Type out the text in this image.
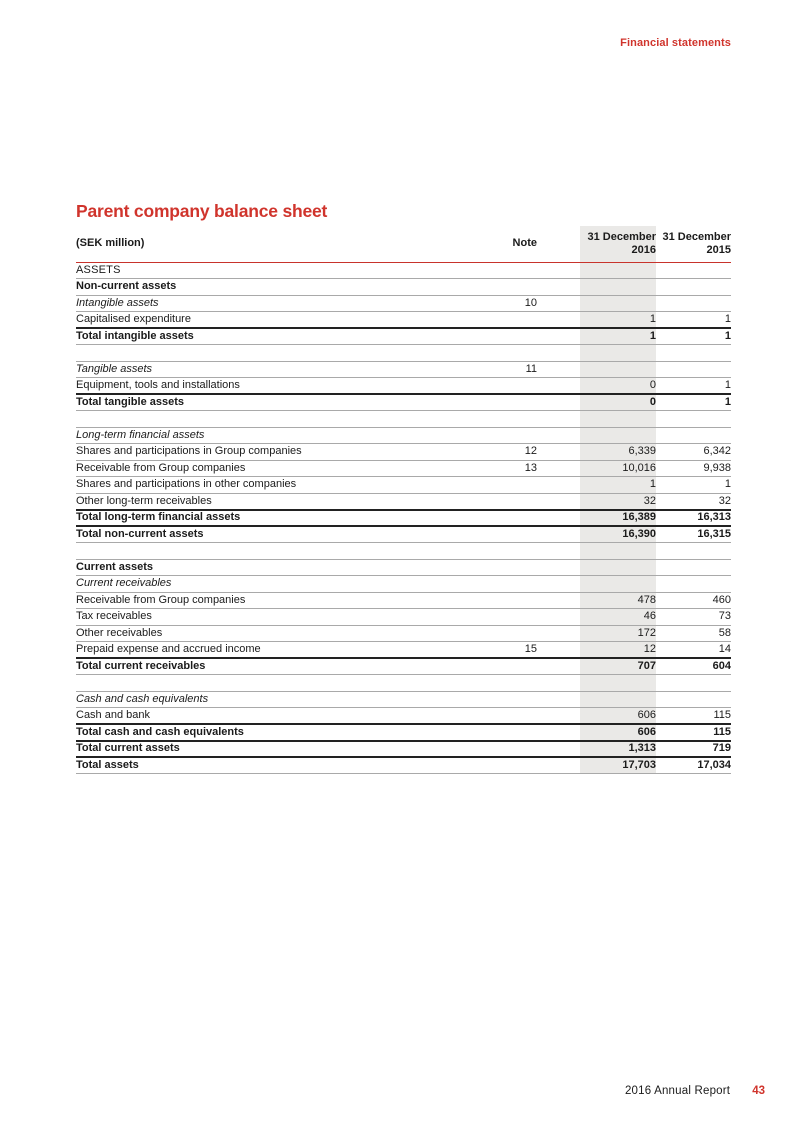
Financial statements
Parent company balance sheet
(SEK million)	Note		
31 December
2016

31 December
2015

ASSETS				
Non-current assets				
Intangible assets	10			
Capitalised expenditure			1	1
Total intangible assets			1	1

Tangible assets	11			
Equipment, tools and installations			0	1
Total tangible assets			0	1

Long-term financial assets				
Shares and participations in Group companies	12		6,339	6,342
Receivable from Group companies	13		10,016	9,938
Shares and participations in other companies			1	1
Other long-term receivables			32	32
Total long-term financial assets			16,389	16,313
Total non-current assets			16,390	16,315

Current assets				
Current receivables				
Receivable from Group companies			478	460
Tax receivables			46	73
Other receivables			172	58
Prepaid expense and accrued income	15		12	14
Total current receivables			707	604

Cash and cash equivalents				
Cash and bank			606	115
Total cash and cash equivalents			606	115
Total current assets			1,313	719
Total assets			17,703	17,034
2016 Annual Report 43
